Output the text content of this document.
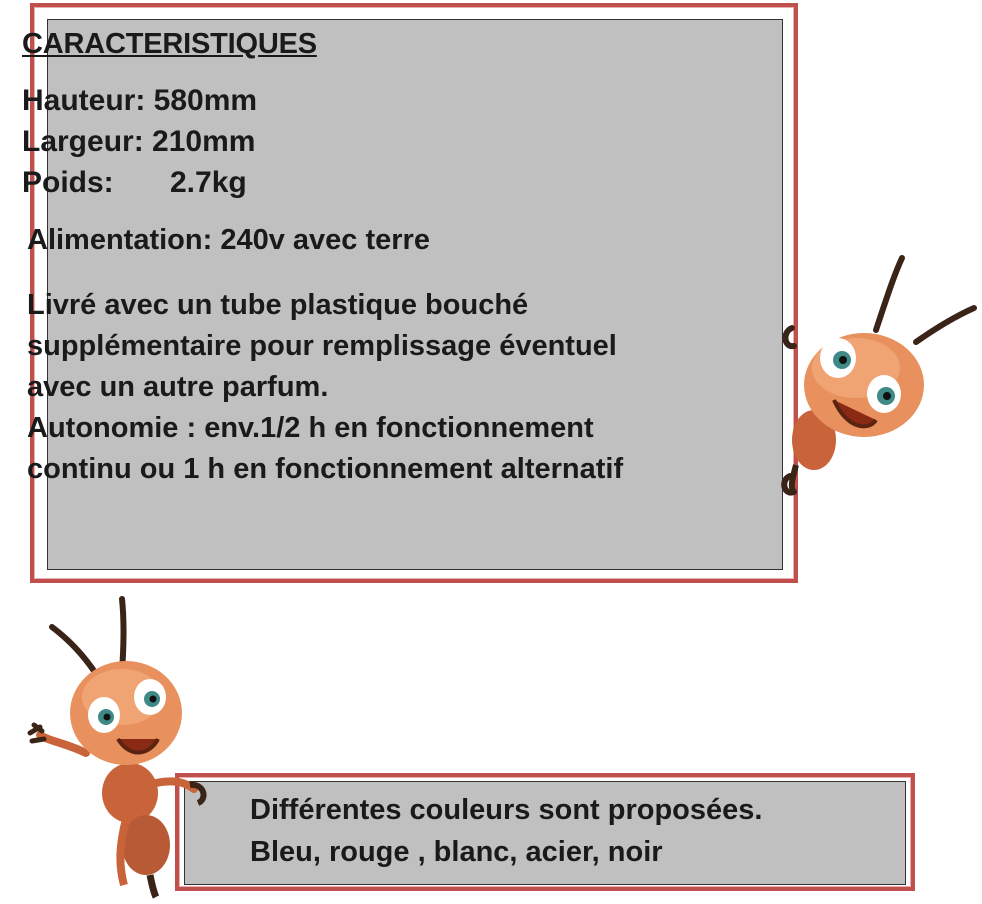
CARACTERISTIQUES

Hauteur: 580mm

Largeur: 210mm

Poids: 2.7kg

Alimentation: 240v avec terre

Livré avec un tube plastique bouché
supplémentaire pour remplissage éventuel
avec un autre parfum.
Autonomie : env.1/2 h en fonctionnement
continu ou 1 h en fonctionnement alternatif
Différentes couleurs sont proposées.
Bleu, rouge , blanc, acier, noir
